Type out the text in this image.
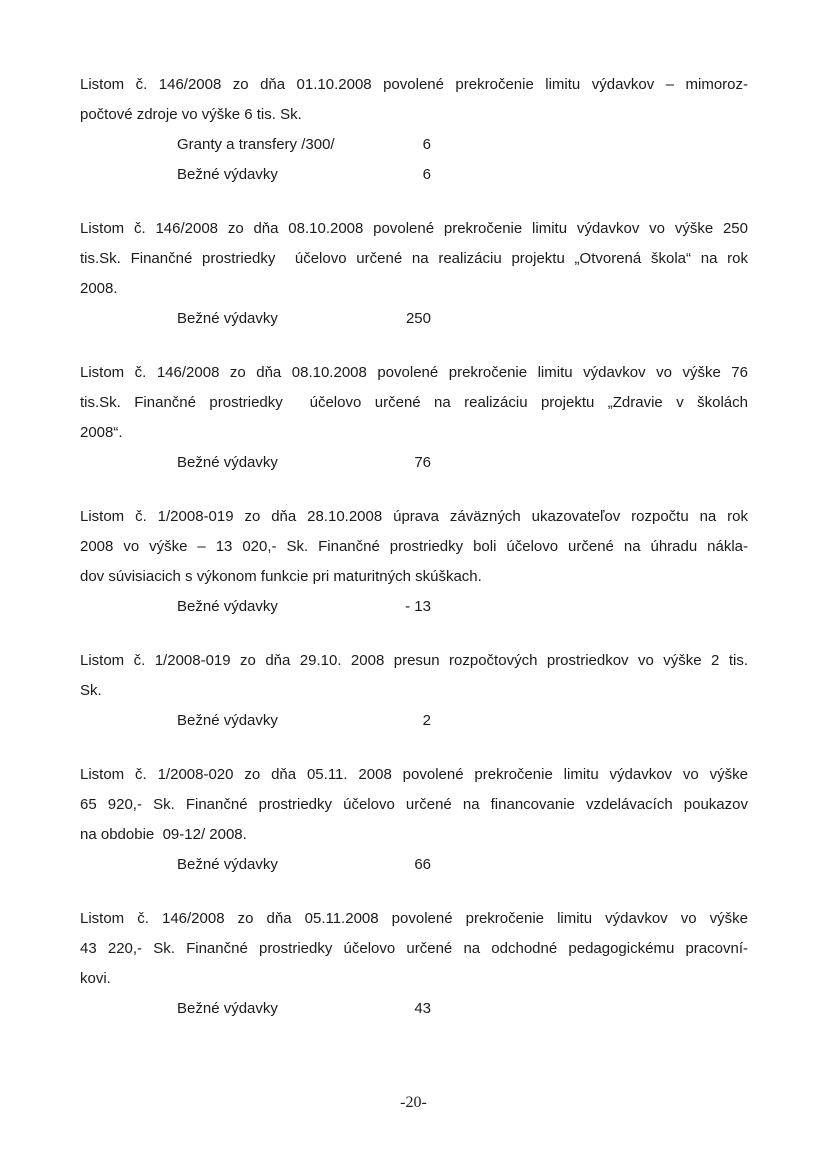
Listom č. 146/2008 zo dňa 01.10.2008 povolené prekročenie limitu výdavkov – mimoroz-
počtové zdroje vo výške 6 tis. Sk.
Granty a transfery /300/	6
Bežné výdavky	6
Listom č. 146/2008 zo dňa 08.10.2008 povolené prekročenie limitu výdavkov vo výške 250
tis.Sk. Finančné prostriedky  účelovo určené na realizáciu projektu „Otvorená škola“ na rok
2008.
Bežné výdavky	250
Listom č. 146/2008 zo dňa 08.10.2008 povolené prekročenie limitu výdavkov vo výške 76
tis.Sk. Finančné prostriedky  účelovo určené na realizáciu projektu „Zdravie v školách
2008“.
Bežné výdavky	76
Listom č. 1/2008-019 zo dňa 28.10.2008 úprava záväzných ukazovateľov rozpočtu na rok
2008 vo výške – 13 020,- Sk. Finančné prostriedky boli účelovo určené na úhradu nákla-
dov súvisiacich s výkonom funkcie pri maturitných skúškach.
Bežné výdavky	- 13
Listom č. 1/2008-019 zo dňa 29.10. 2008 presun rozpočtových prostriedkov vo výške 2 tis.
Sk.
Bežné výdavky	2
Listom č. 1/2008-020 zo dňa 05.11. 2008 povolené prekročenie limitu výdavkov vo výške
65 920,- Sk. Finančné prostriedky účelovo určené na financovanie vzdelávacích poukazov
na obdobie  09-12/ 2008.
Bežné výdavky	66
Listom č. 146/2008 zo dňa 05.11.2008 povolené prekročenie limitu výdavkov vo výške
43 220,- Sk. Finančné prostriedky účelovo určené na odchodné pedagogickému pracovní-
kovi.
Bežné výdavky	43
-20-
